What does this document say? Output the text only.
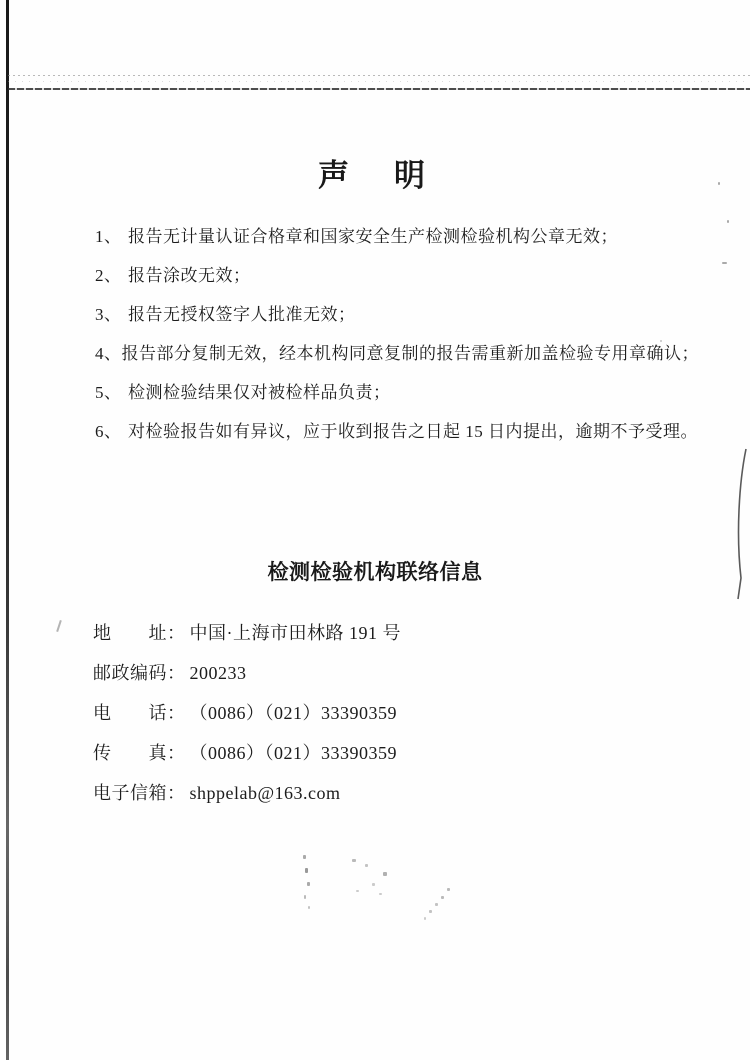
声　明
1、 报告无计量认证合格章和国家安全生产检测检验机构公章无效；
2、 报告涂改无效；
3、 报告无授权签字人批准无效；
4、 报告部分复制无效，经本机构同意复制的报告需重新加盖检验专用章确认；
5、 检测检验结果仅对被检样品负责；
6、 对检验报告如有异议，应于收到报告之日起 15 日内提出，逾期不予受理。
检测检验机构联络信息
地　　址： 中国·上海市田林路 191 号
邮政编码： 200233
电　　话： （0086）（021）33390359
传　　真： （0086）（021）33390359
电子信箱： shppelab@163.com
